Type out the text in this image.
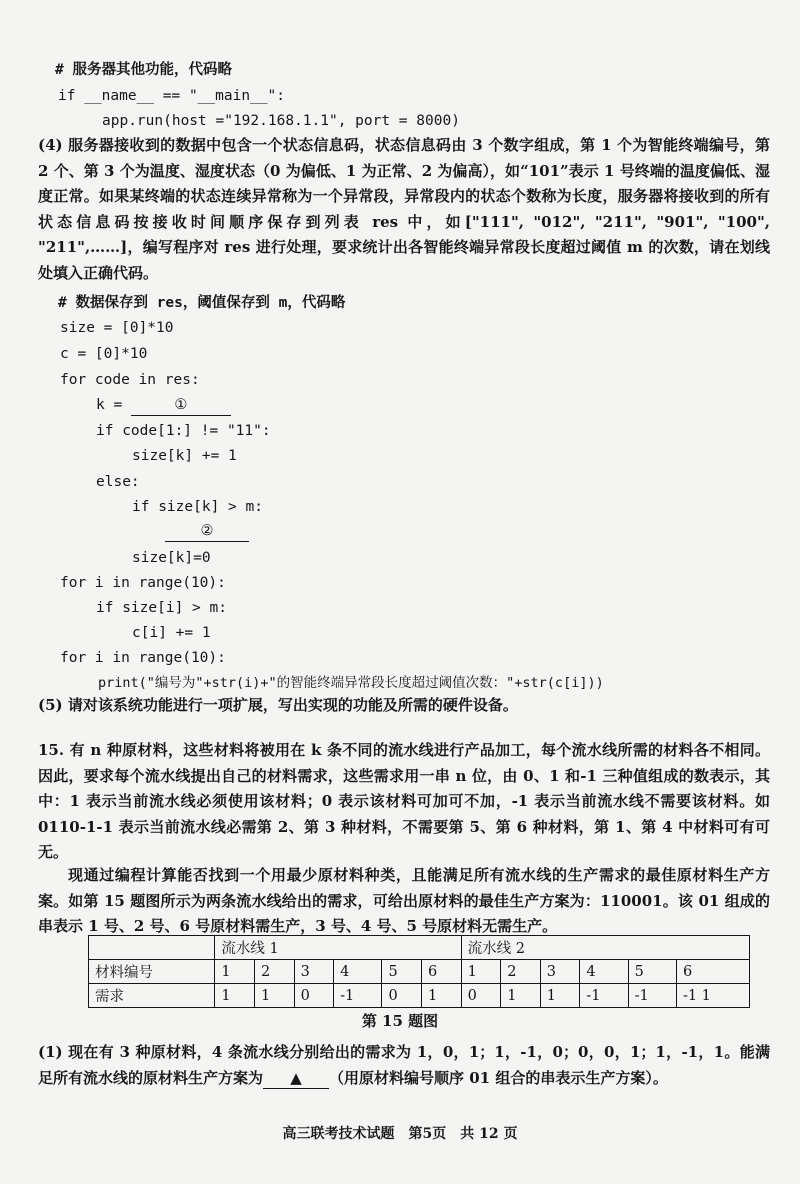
# 服务器其他功能，代码略
if __name__ == "__main__":
app.run(host ="192.168.1.1", port = 8000)
(4) 服务器接收到的数据中包含一个状态信息码，状态信息码由 3 个数字组成，第 1 个为智能终端编号，第 2 个、第 3 个为温度、湿度状态（0 为偏低、1 为正常、2 为偏高），如“101”表示 1 号终端的温度偏低、湿度正常。如果某终端的状态连续异常称为一个异常段，异常段内的状态个数称为长度，服务器将接收到的所有状态信息码按接收时间顺序保存到列表 res 中，如["111", "012", "211", "901", "100", "211",……]，编写程序对 res 进行处理，要求统计出各智能终端异常段长度超过阈值 m 的次数，请在划线处填入正确代码。
# 数据保存到 res，阈值保存到 m，代码略
size = [0]*10
c = [0]*10
for code in res:
k =	①
if code[1:] != "11":
size[k] += 1
else:
if size[k] > m:
②
size[k]=0
for i in range(10):
if size[i] > m:
c[i] += 1
for i in range(10):
print("编号为"+str(i)+"的智能终端异常段长度超过阈值次数："+str(c[i]))
(5) 请对该系统功能进行一项扩展，写出实现的功能及所需的硬件设备。
15. 有 n 种原材料，这些材料将被用在 k 条不同的流水线进行产品加工，每个流水线所需的材料各不相同。因此，要求每个流水线提出自己的材料需求，这些需求用一串 n 位，由 0、1 和-1 三种值组成的数表示，其中：1 表示当前流水线必须使用该材料；0 表示该材料可加可不加，-1 表示当前流水线不需要该材料。如 0110-1-1 表示当前流水线必需第 2、第 3 种材料，不需要第 5、第 6 种材料，第 1、第 4 中材料可有可无。
现通过编程计算能否找到一个用最少原材料种类，且能满足所有流水线的生产需求的最佳原材料生产方案。如第 15 题图所示为两条流水线给出的需求，可给出原材料的最佳生产方案为：110001。该 01 组成的串表示 1 号、2 号、6 号原材料需生产，3 号、4 号、5 号原材料无需生产。
	流水线 1						流水线 2					
材料编号	1	2	3	4	5	6	1	2	3	4	5	6
需求	1	1	0	-1	0	1	0	1	1	-1	-1	-1 1
第 15 题图
(1) 现在有 3 种原材料，4 条流水线分别给出的需求为 1，0，1；1，-1，0；0，0，1；1，-1，1。能满足所有流水线的原材料生产方案为 ▲ （用原材料编号顺序 01 组合的串表示生产方案）。
高三联考技术试题　第5页　共 12 页
